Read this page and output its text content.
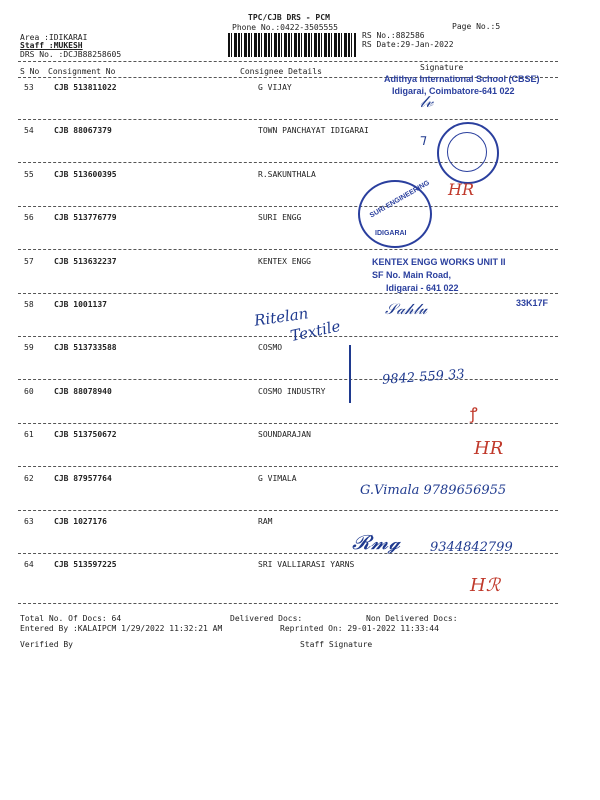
TPC/CJB DRS - PCM
Phone No.:0422-3505555	Page No.:5
Area :IDIKARAI
Staff :MUKESH
DRS No. :DCJB88258605
RS No.:882586
RS Date:29-Jan-2022
S No Consignment No	Consignee Details	Signature
53	CJB 513811022	G VIJAY
54	CJB 88067379	TOWN PANCHAYAT IDIGARAI
55	CJB 513600395	R.SAKUNTHALA
56	CJB 513776779	SURI ENGG
57	CJB 513632237	KENTEX ENGG
58	CJB 1001137
59	CJB 513733588	COSMO
60	CJB 88078940	COSMO INDUSTRY
61	CJB 513750672	SOUNDARAJAN
62	CJB 87957764	G VIMALA
63	CJB 1027176	RAM
64	CJB 513597225	SRI VALLIARASI YARNS
Adithya International School (CBSE)
Idigarai, Coimbatore-641 022
𝓁𝓋
ᒣ
HR
SURI ENGINEERING
IDIGARAI
KENTEX ENGG WORKS UNIT II
SF No. Main Road,
Idigarai - 641 022
33K17F
𝒮𝒶𝒽𝓁𝓊
Ritelan
Textile
9842 559 33
ꝭ
HR
G.Vimala 9789656955
𝓡𝓶𝓰 9344842799
Hℛ
Total No. Of Docs: 64	Delivered Docs:	Non Delivered Docs:
Entered By :KALAIPCM 1/29/2022 11:32:21 AM	Reprinted On: 29-01-2022 11:33:44
Verified By	Staff Signature
